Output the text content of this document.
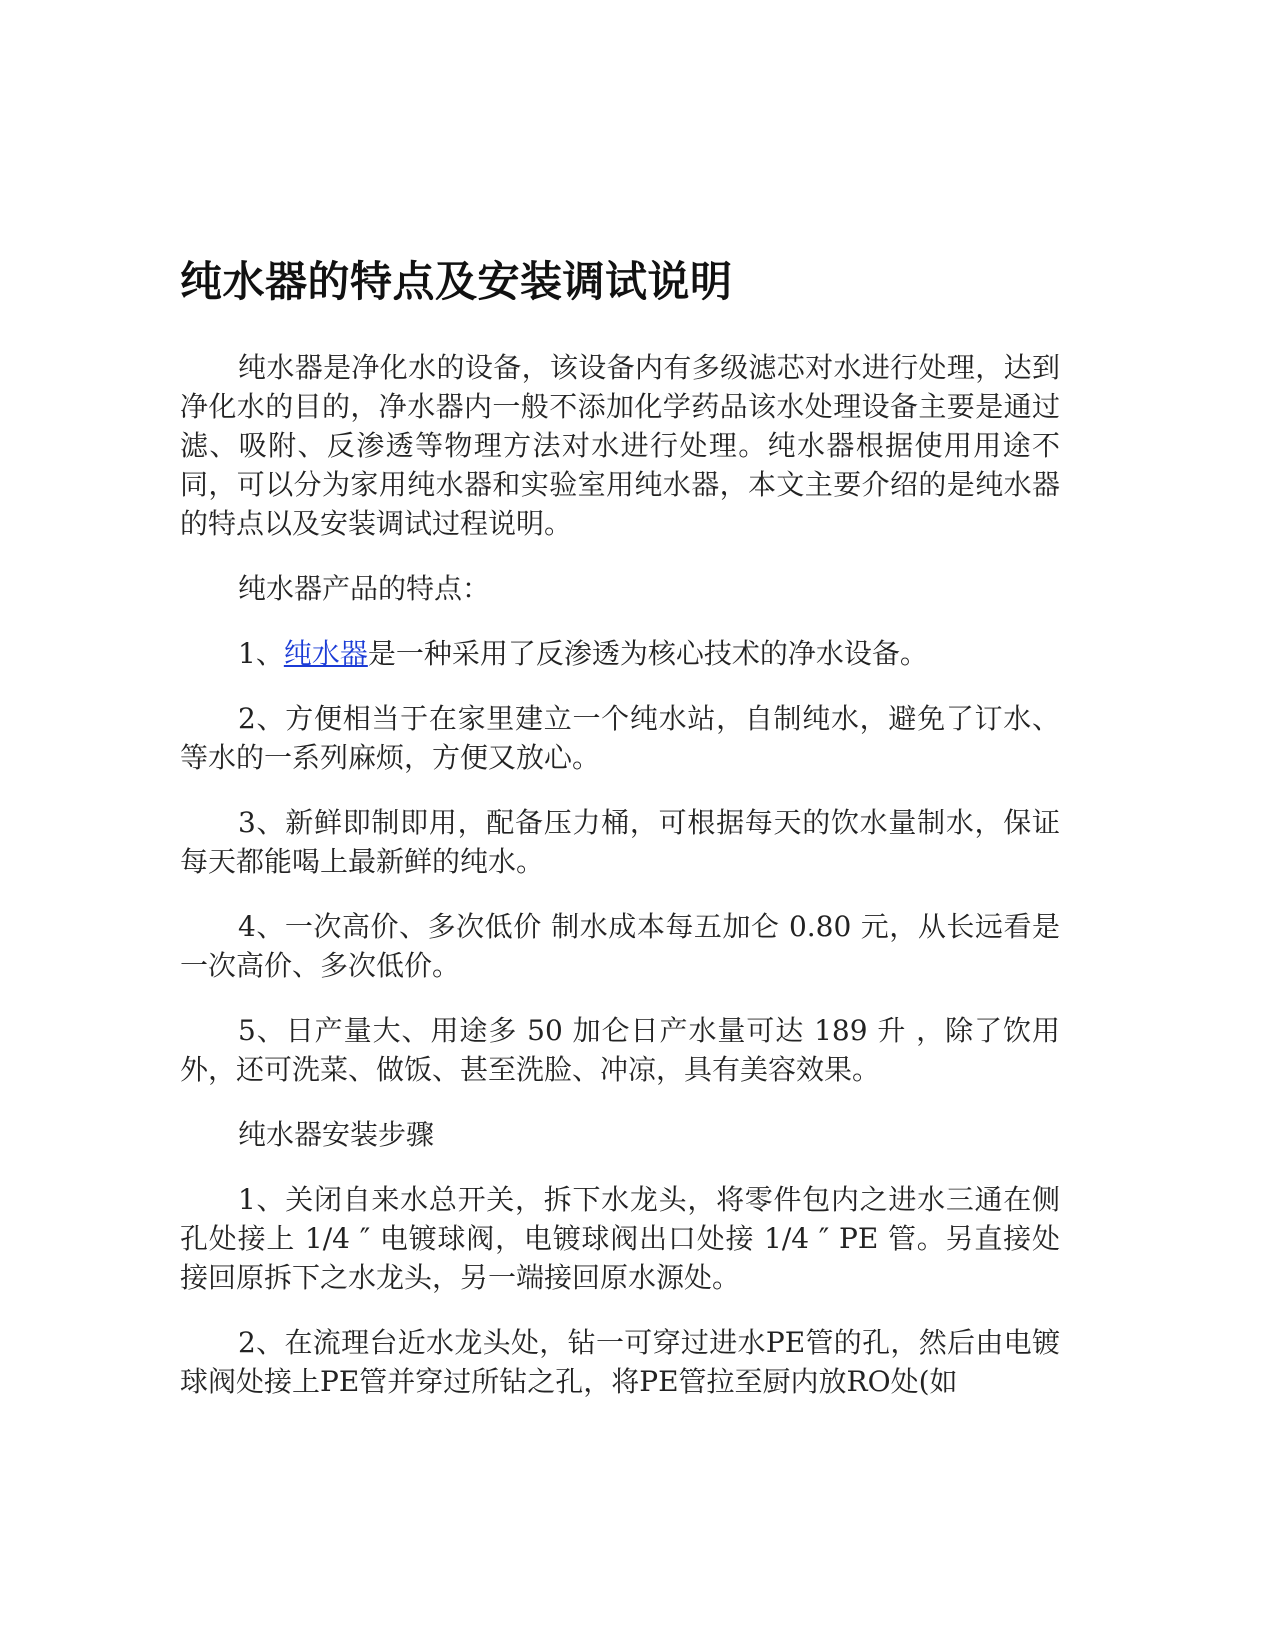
纯水器的特点及安装调试说明

纯水器是净化水的设备，该设备内有多级滤芯对水进行处理，达到净化水的目的，净水器内一般不添加化学药品该水处理设备主要是通过滤、吸附、反渗透等物理方法对水进行处理。纯水器根据使用用途不同，可以分为家用纯水器和实验室用纯水器，本文主要介绍的是纯水器的特点以及安装调试过程说明。

纯水器产品的特点：

1、纯水器是一种采用了反渗透为核心技术的净水设备。

2、方便相当于在家里建立一个纯水站，自制纯水，避免了订水、等水的一系列麻烦，方便又放心。

3、新鲜即制即用，配备压力桶，可根据每天的饮水量制水，保证每天都能喝上最新鲜的纯水。

4、一次高价、多次低价 制水成本每五加仑 0.80 元，从长远看是一次高价、多次低价。

5、日产量大、用途多 50 加仑日产水量可达 189 升 ，除了饮用外，还可洗菜、做饭、甚至洗脸、冲凉，具有美容效果。

纯水器安装步骤

1、关闭自来水总开关，拆下水龙头，将零件包内之进水三通在侧孔处接上 1/4 ″ 电镀球阀，电镀球阀出口处接 1/4 ″ PE 管。另直接处接回原拆下之水龙头，另一端接回原水源处。

2、在流理台近水龙头处，钻一可穿过进水PE管的孔，然后由电镀球阀处接上PE管并穿过所钻之孔，将PE管拉至厨内放RO处(如
